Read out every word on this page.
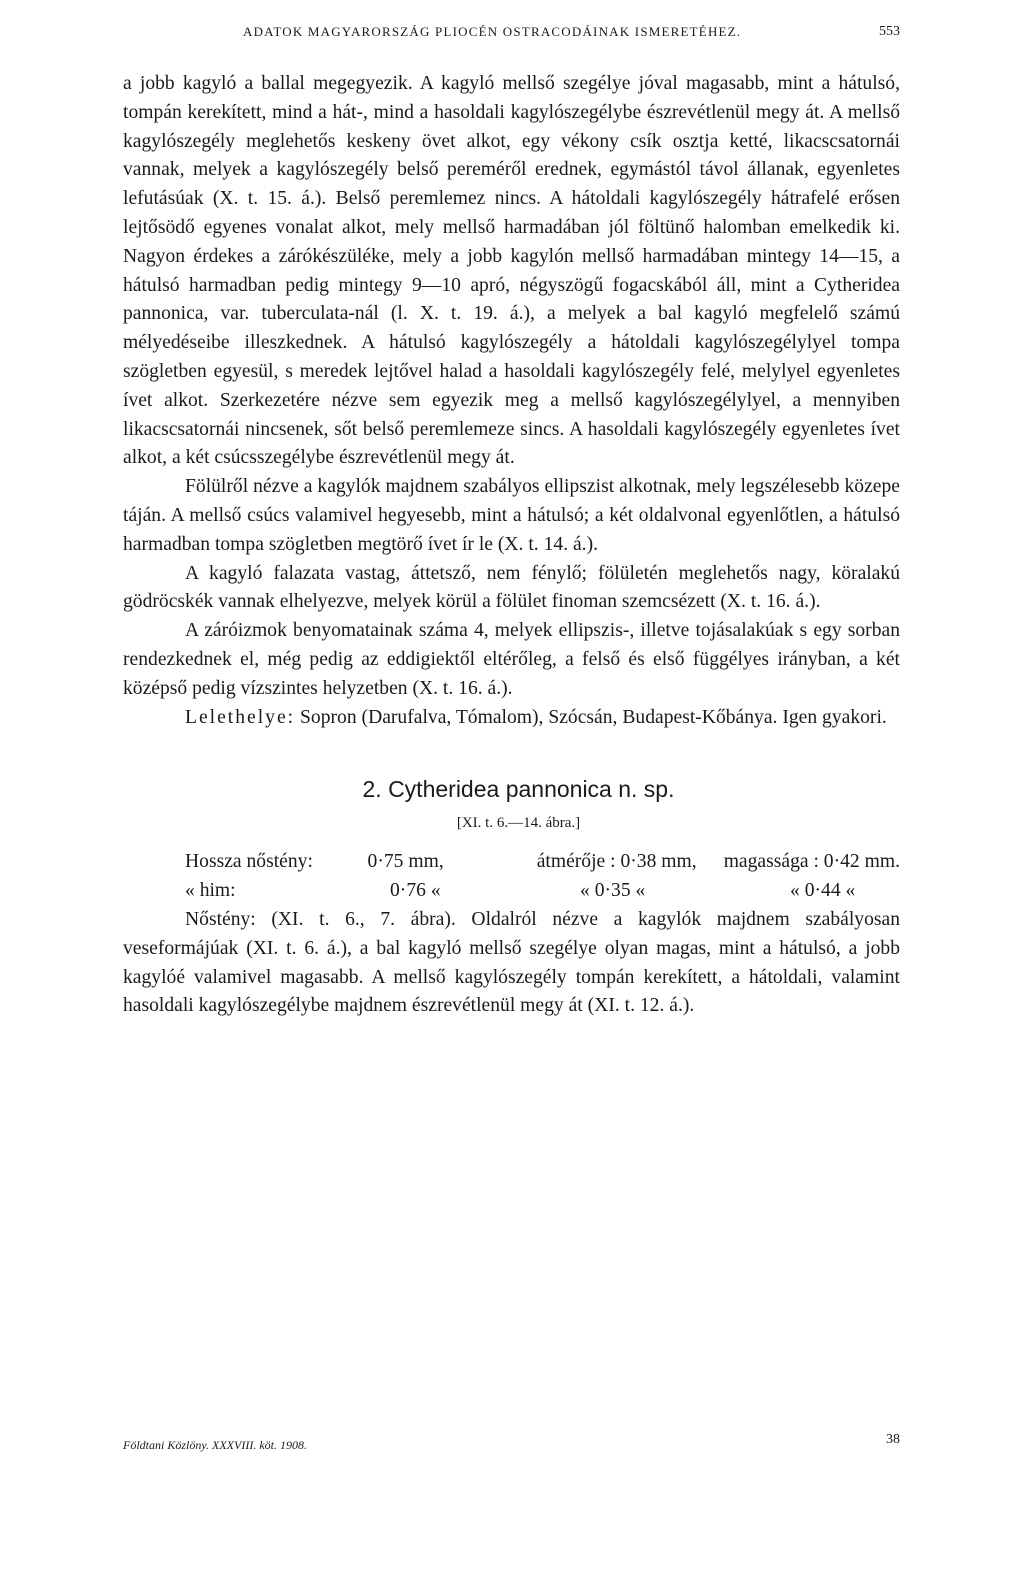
ADATOK MAGYARORSZÁG PLIOCÉN OSTRACODÁINAK ISMERETÉHEZ.	553

a jobb kagyló a ballal megegyezik. A kagyló mellső szegélye jóval magasabb, mint a hátulsó, tompán kerekített, mind a hát-, mind a hasoldali kagylószegélybe észrevétlenül megy át. A mellső kagylószegély meglehetős keskeny övet alkot, egy vékony csík osztja ketté, likacscsatornái vannak, melyek a kagylószegély belső pereméről erednek, egymástól távol állanak, egyenletes lefutásúak (X. t. 15. á.). Belső peremlemez nincs. A hátoldali kagylószegély hátrafelé erősen lejtősödő egyenes vonalat alkot, mely mellső harmadában jól föltünő halomban emelkedik ki. Nagyon érdekes a zárókészüléke, mely a jobb kagylón mellső harmadában mintegy 14—15, a hátulsó harmadban pedig mintegy 9—10 apró, négyszögű fogacskából áll, mint a Cytheridea pannonica, var. tuberculata-nál (l. X. t. 19. á.), a melyek a bal kagyló megfelelő számú mélyedéseibe illeszkednek. A hátulsó kagylószegély a hátoldali kagylószegélylyel tompa szögletben egyesül, s meredek lejtővel halad a hasoldali kagylószegély felé, melylyel egyenletes ívet alkot. Szerkezetére nézve sem egyezik meg a mellső kagylószegélylyel, a mennyiben likacscsatornái nincsenek, sőt belső peremlemeze sincs. A hasoldali kagylószegély egyenletes ívet alkot, a két csúcsszegélybe észrevétlenül megy át.

Fölülről nézve a kagylók majdnem szabályos ellipszist alkotnak, mely legszélesebb közepe táján. A mellső csúcs valamivel hegyesebb, mint a hátulsó; a két oldalvonal egyenlőtlen, a hátulsó harmadban tompa szögletben megtörő ívet ír le (X. t. 14. á.).

A kagyló falazata vastag, áttetsző, nem fénylő; fölületén meglehetős nagy, köralakú gödröcskék vannak elhelyezve, melyek körül a fölület finoman szemcsézett (X. t. 16. á.).

A záróizmok benyomatainak száma 4, melyek ellipszis-, illetve tojásalakúak s egy sorban rendezkednek el, még pedig az eddigiektől eltérőleg, a felső és első függélyes irányban, a két középső pedig vízszintes helyzetben (X. t. 16. á.).

Lelethelye: Sopron (Darufalva, Tómalom), Szócsán, Budapest-Kőbánya. Igen gyakori.

2. Cytheridea pannonica n. sp.
[XI. t. 6.—14. ábra.]
Hossza nőstény:	0·75 mm,	átmérője : 0·38 mm,	magassága : 0·42 mm.
« him:	0·76 «	« 0·35 «	« 0·44 «

Nőstény: (XI. t. 6., 7. ábra). Oldalról nézve a kagylók majdnem szabályosan veseformájúak (XI. t. 6. á.), a bal kagyló mellső szegélye olyan magas, mint a hátulsó, a jobb kagylóé valamivel magasabb. A mellső kagylószegély tompán kerekített, a hátoldali, valamint hasoldali kagylószegélybe majdnem észrevétlenül megy át (XI. t. 12. á.).

Földtani Közlöny. XXXVIII. köt. 1908.	38
